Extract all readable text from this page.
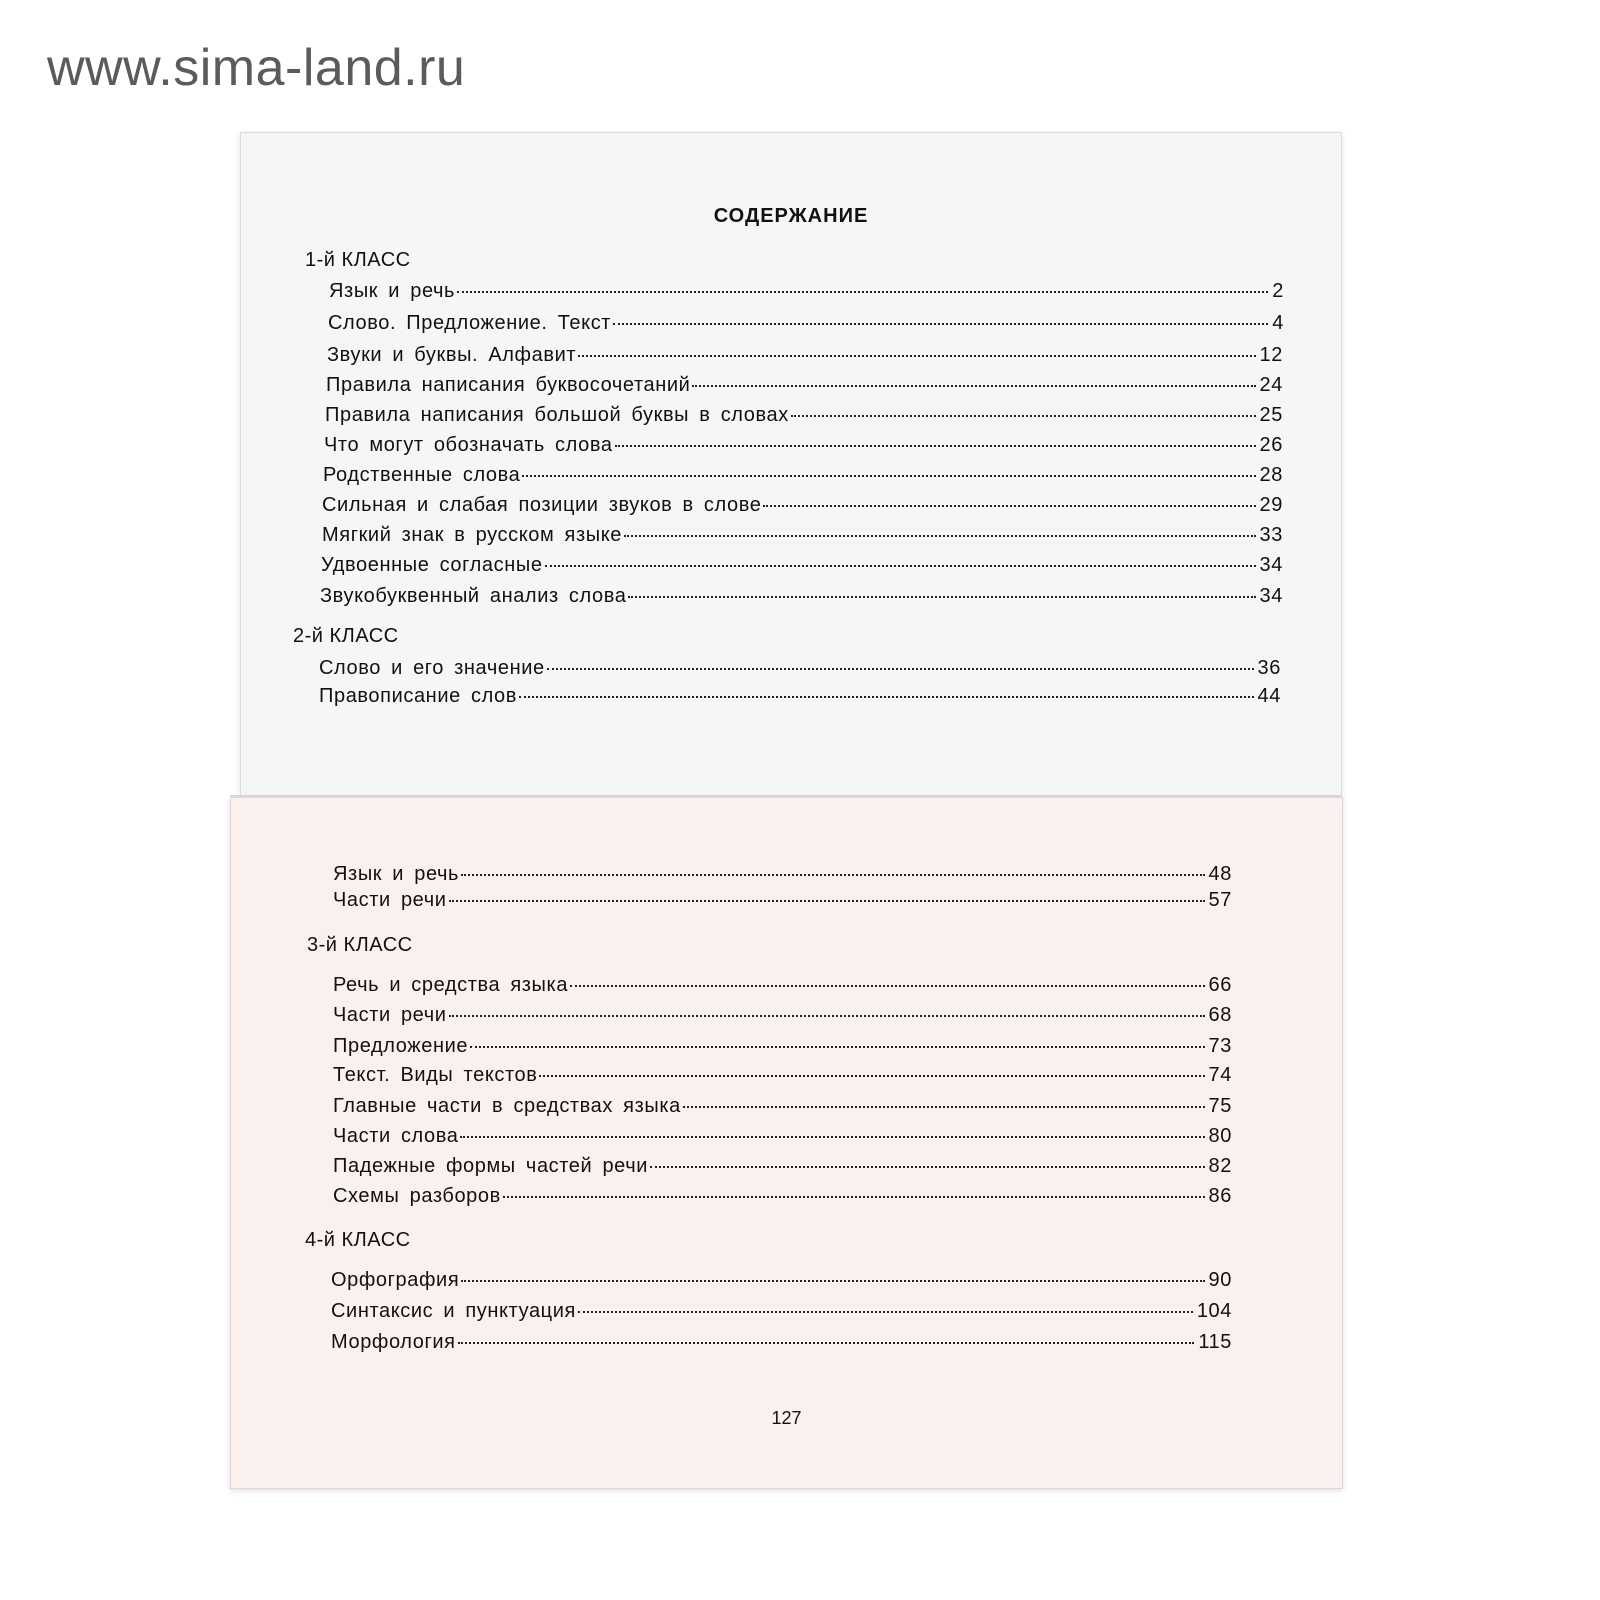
www.sima-land.ru
СОДЕРЖАНИЕ
1-й КЛАСС
Язык и речь	2
Слово. Предложение. Текст	4
Звуки и буквы. Алфавит	12
Правила написания буквосочетаний	24
Правила написания большой буквы в словах	25
Что могут обозначать слова	26
Родственные слова	28
Сильная и слабая позиции звуков в слове	29
Мягкий знак в русском языке	33
Удвоенные согласные	34
Звукобуквенный анализ слова	34
2-й КЛАСС
Слово и его значение	36
Правописание слов	44
Язык и речь	48
Части речи	57
3-й КЛАСС
Речь и средства языка	66
Части речи	68
Предложение	73
Текст. Виды текстов	74
Главные части в средствах языка	75
Части слова	80
Падежные формы частей речи	82
Схемы разборов	86
4-й КЛАСС
Орфография	90
Синтаксис и пунктуация	104
Морфология	115
127
